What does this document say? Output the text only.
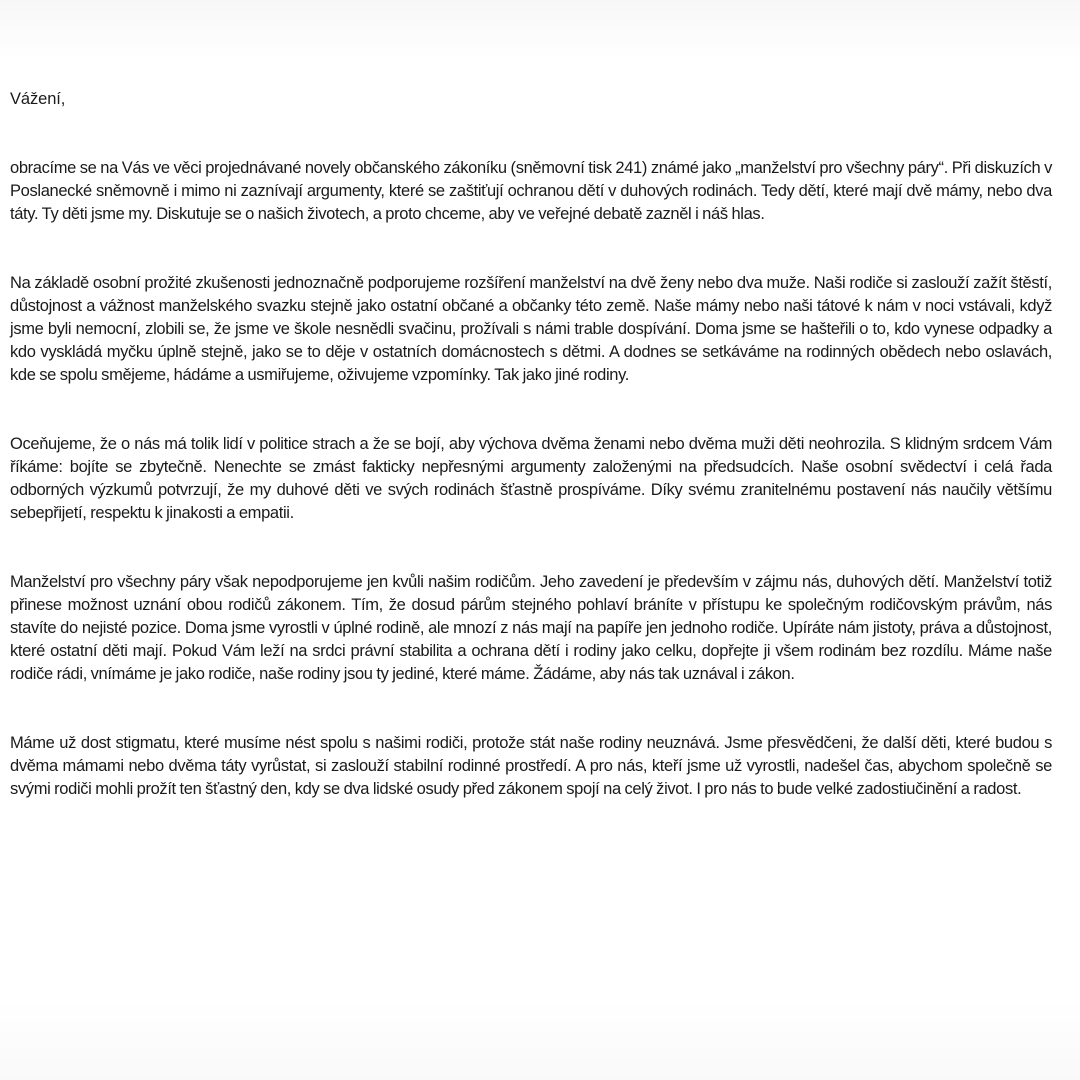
Vážení,

obracíme se na Vás ve věci projednávané novely občanského zákoníku (sněmovní tisk 241) známé jako „manželství pro všechny páry“. Při diskuzích v Poslanecké sněmovně i mimo ni zaznívají argumenty, které se zaštiťují ochranou dětí v duhových rodinách. Tedy dětí, které mají dvě mámy, nebo dva táty. Ty děti jsme my. Diskutuje se o našich životech, a proto chceme, aby ve veřejné debatě zazněl i náš hlas.

Na základě osobní prožité zkušenosti jednoznačně podporujeme rozšíření manželství na dvě ženy nebo dva muže. Naši rodiče si zaslouží zažít štěstí, důstojnost a vážnost manželského svazku stejně jako ostatní občané a občanky této země. Naše mámy nebo naši tátové k nám v noci vstávali, když jsme byli nemocní, zlobili se, že jsme ve škole nesnědli svačinu, prožívali s námi trable dospívání. Doma jsme se hašteřili o to, kdo vynese odpadky a kdo vyskládá myčku úplně stejně, jako se to děje v ostatních domácnostech s dětmi. A dodnes se setkáváme na rodinných obědech nebo oslavách, kde se spolu smějeme, hádáme a usmiřujeme, oživujeme vzpomínky. Tak jako jiné rodiny.

Oceňujeme, že o nás má tolik lidí v politice strach a že se bojí, aby výchova dvěma ženami nebo dvěma muži děti neohrozila. S klidným srdcem Vám říkáme: bojíte se zbytečně. Nenechte se zmást fakticky nepřesnými argumenty založenými na předsudcích. Naše osobní svědectví i celá řada odborných výzkumů potvrzují, že my duhové děti ve svých rodinách šťastně prospíváme. Díky svému zranitelnému postavení nás naučily většímu sebepřijetí, respektu k jinakosti a empatii.

Manželství pro všechny páry však nepodporujeme jen kvůli našim rodičům. Jeho zavedení je především v zájmu nás, duhových dětí. Manželství totiž přinese možnost uznání obou rodičů zákonem. Tím, že dosud párům stejného pohlaví bráníte v přístupu ke společným rodičovským právům, nás stavíte do nejisté pozice. Doma jsme vyrostli v úplné rodině, ale mnozí z nás mají na papíře jen jednoho rodiče. Upíráte nám jistoty, práva a důstojnost, které ostatní děti mají. Pokud Vám leží na srdci právní stabilita a ochrana dětí i rodiny jako celku, dopřejte ji všem rodinám bez rozdílu. Máme naše rodiče rádi, vnímáme je jako rodiče, naše rodiny jsou ty jediné, které máme. Žádáme, aby nás tak uznával i zákon.

Máme už dost stigmatu, které musíme nést spolu s našimi rodiči, protože stát naše rodiny neuznává. Jsme přesvědčeni, že další děti, které budou s dvěma mámami nebo dvěma táty vyrůstat, si zaslouží stabilní rodinné prostředí. A pro nás, kteří jsme už vyrostli, nadešel čas, abychom společně se svými rodiči mohli prožít ten šťastný den, kdy se dva lidské osudy před zákonem spojí na celý život. I pro nás to bude velké zadostiučinění a radost.
